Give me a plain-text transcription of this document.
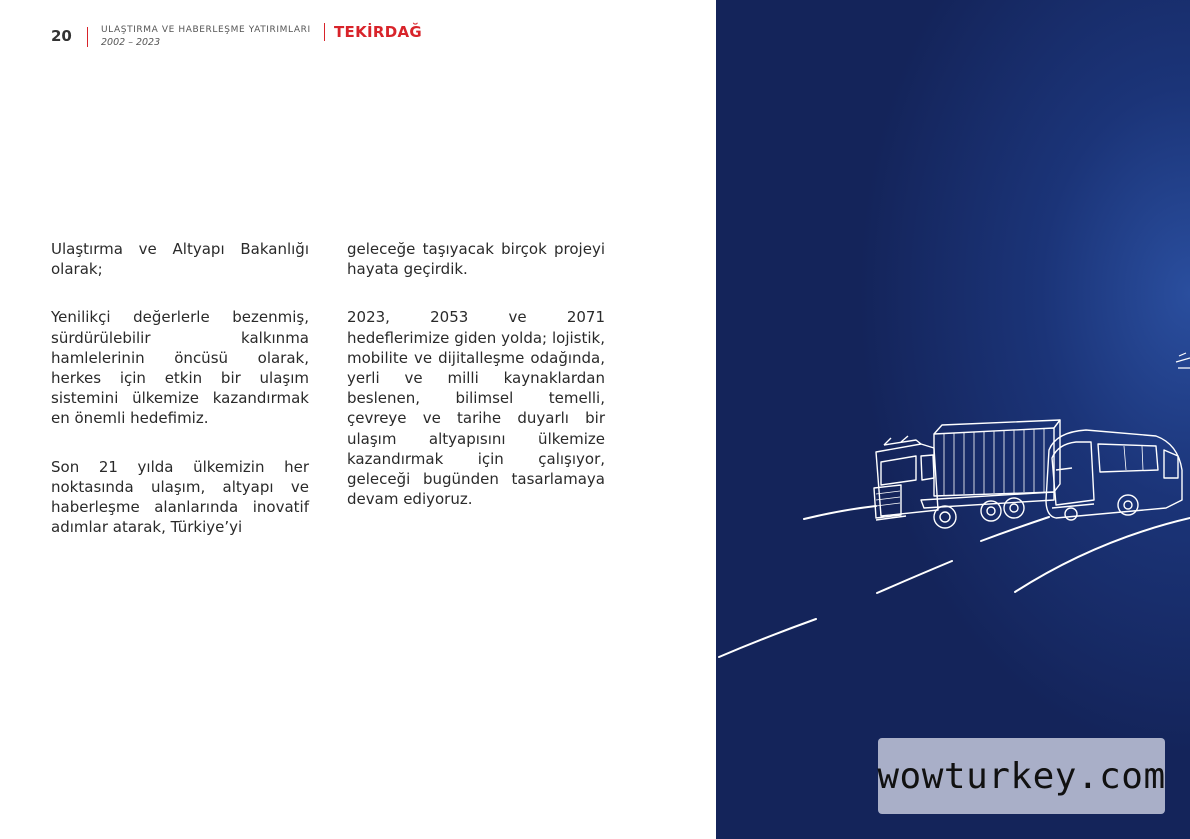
20	ULAŞTIRMA VE HABERLEŞME YATIRIMLARI
2002 – 2023
TEKİRDAĞ

Ulaştırma ve Altyapı Bakanlığı olarak;

Yenilikçi değerlerle bezenmiş, sürdürülebilir kalkınma hamlelerinin öncüsü olarak, herkes için etkin bir ulaşım sistemini ülkemize kazandırmak en önemli hedefimiz.

Son 21 yılda ülkemizin her noktasında ulaşım, altyapı ve haberleşme alanlarında inovatif adımlar atarak, Türkiye’yi

geleceğe taşıyacak birçok projeyi hayata geçirdik.

2023, 2053 ve 2071 hedeflerimize giden yolda; lojistik, mobilite ve dijitalleşme odağında, yerli ve milli kaynaklardan beslenen, bilimsel temelli, çevreye ve tarihe duyarlı bir ulaşım altyapısını ülkemize kazandırmak için çalışıyor, geleceği bugünden tasarlamaya devam ediyoruz.

wowturkey.com
